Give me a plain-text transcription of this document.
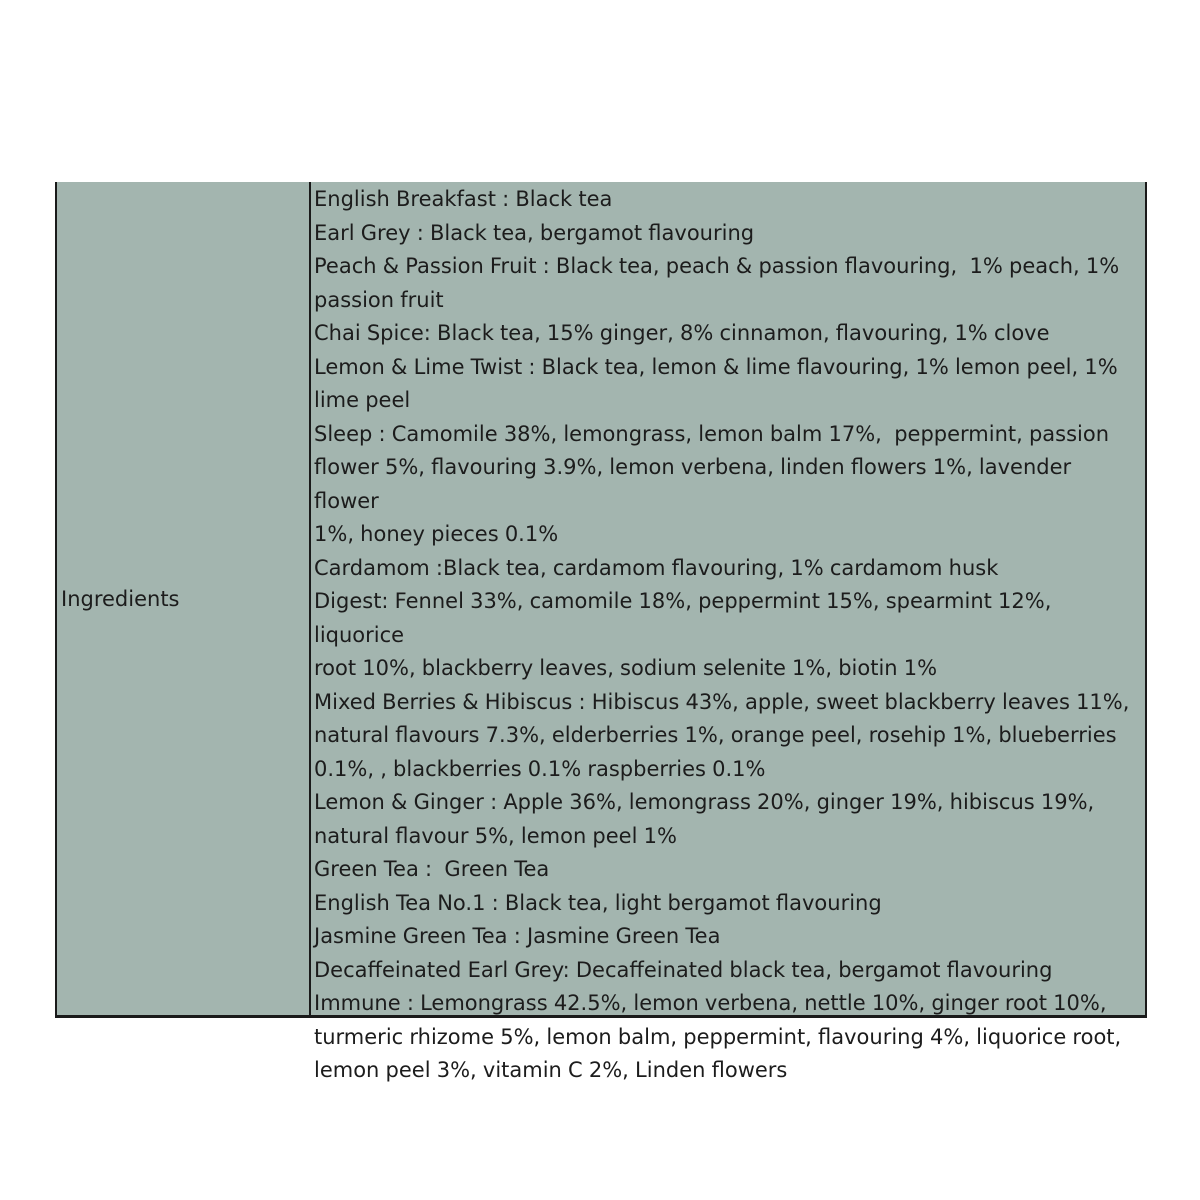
Ingredients
English Breakfast : Black tea
Earl Grey : Black tea, bergamot flavouring
Peach & Passion Fruit : Black tea, peach & passion flavouring,  1% peach, 1%
passion fruit
Chai Spice: Black tea, 15% ginger, 8% cinnamon, flavouring, 1% clove
Lemon & Lime Twist : Black tea, lemon & lime flavouring, 1% lemon peel, 1%
lime peel
Sleep : Camomile 38%, lemongrass, lemon balm 17%,  peppermint, passion
flower 5%, flavouring 3.9%, lemon verbena, linden flowers 1%, lavender flower
1%, honey pieces 0.1%
Cardamom :Black tea, cardamom flavouring, 1% cardamom husk
Digest: Fennel 33%, camomile 18%, peppermint 15%, spearmint 12%, liquorice
root 10%, blackberry leaves, sodium selenite 1%, biotin 1%
Mixed Berries & Hibiscus : Hibiscus 43%, apple, sweet blackberry leaves 11%,
natural flavours 7.3%, elderberries 1%, orange peel, rosehip 1%, blueberries
0.1%, , blackberries 0.1% raspberries 0.1%
Lemon & Ginger : Apple 36%, lemongrass 20%, ginger 19%, hibiscus 19%,
natural flavour 5%, lemon peel 1%
Green Tea :  Green Tea
English Tea No.1 : Black tea, light bergamot flavouring
Jasmine Green Tea : Jasmine Green Tea
Decaffeinated Earl Grey: Decaffeinated black tea, bergamot flavouring
Immune : Lemongrass 42.5%, lemon verbena, nettle 10%, ginger root 10%,
turmeric rhizome 5%, lemon balm, peppermint, flavouring 4%, liquorice root,
lemon peel 3%, vitamin C 2%, Linden flowers
